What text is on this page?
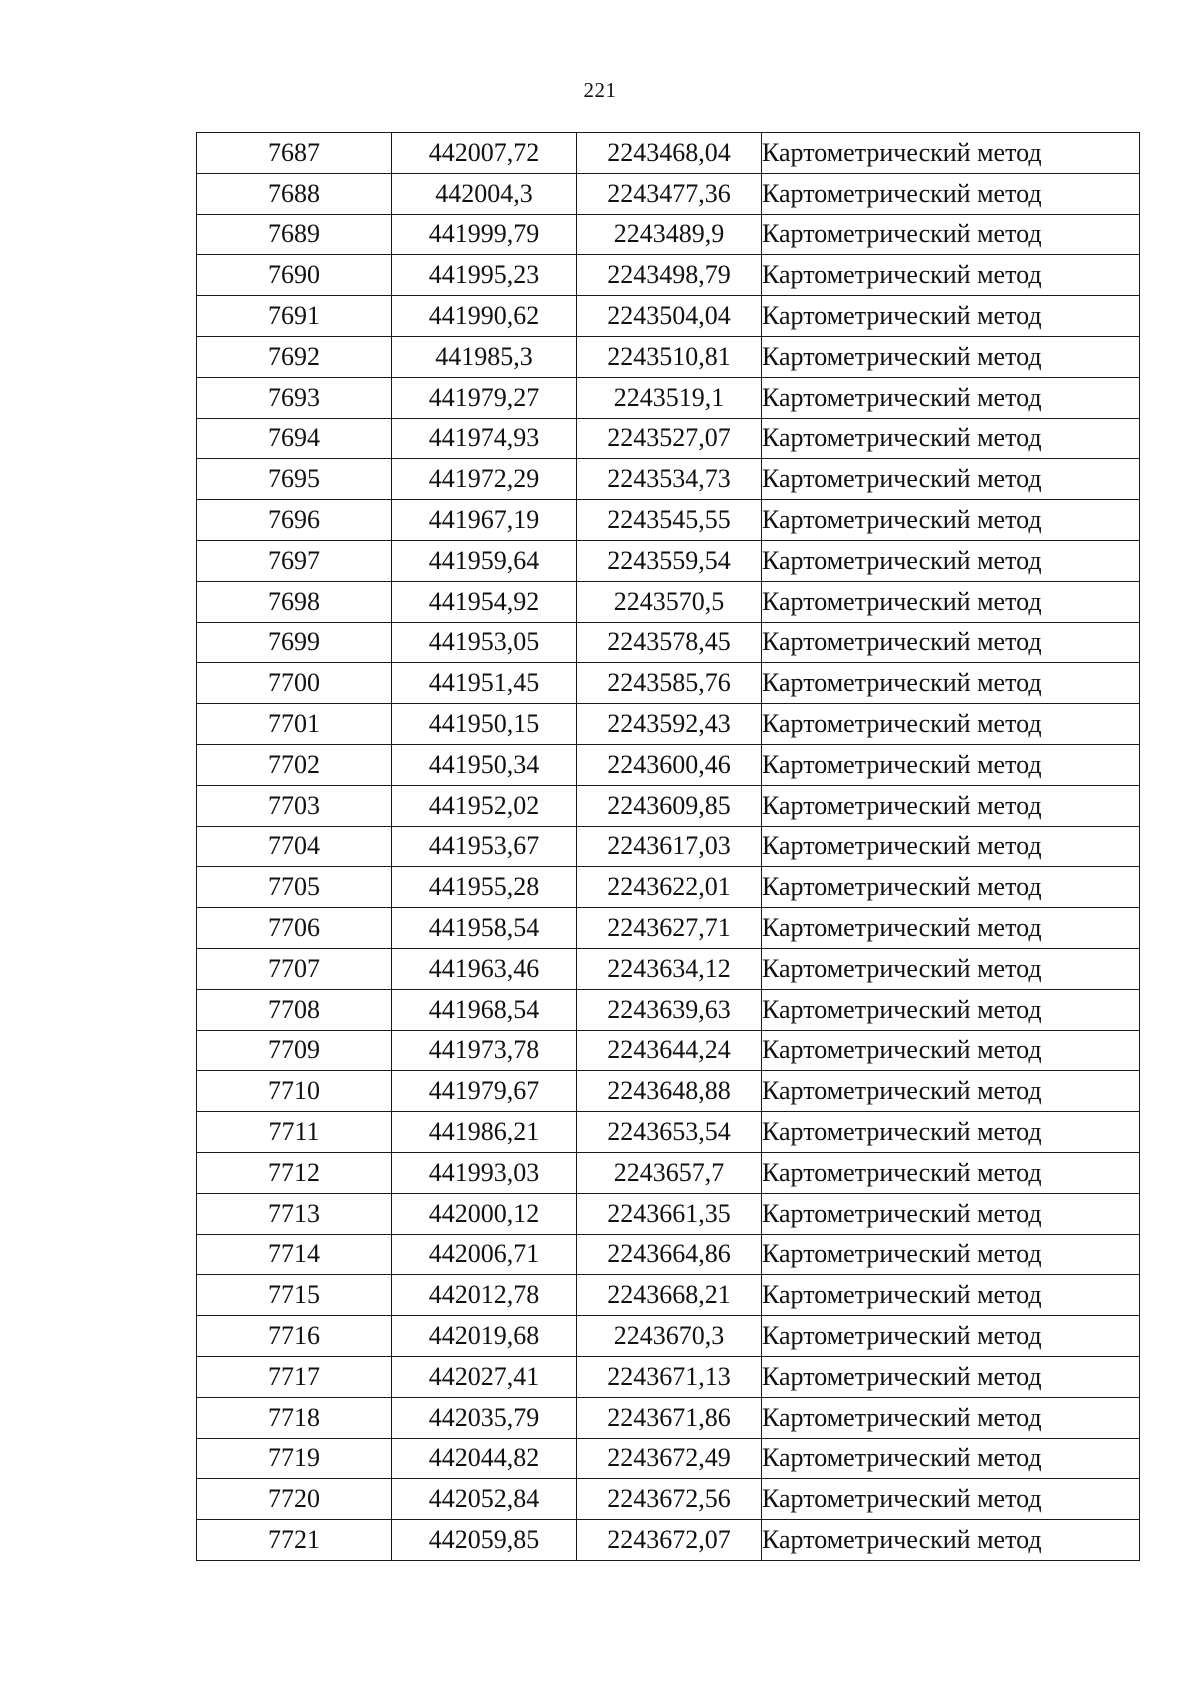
221
7687	442007,72	2243468,04	Картометрический метод
7688	442004,3	2243477,36	Картометрический метод
7689	441999,79	2243489,9	Картометрический метод
7690	441995,23	2243498,79	Картометрический метод
7691	441990,62	2243504,04	Картометрический метод
7692	441985,3	2243510,81	Картометрический метод
7693	441979,27	2243519,1	Картометрический метод
7694	441974,93	2243527,07	Картометрический метод
7695	441972,29	2243534,73	Картометрический метод
7696	441967,19	2243545,55	Картометрический метод
7697	441959,64	2243559,54	Картометрический метод
7698	441954,92	2243570,5	Картометрический метод
7699	441953,05	2243578,45	Картометрический метод
7700	441951,45	2243585,76	Картометрический метод
7701	441950,15	2243592,43	Картометрический метод
7702	441950,34	2243600,46	Картометрический метод
7703	441952,02	2243609,85	Картометрический метод
7704	441953,67	2243617,03	Картометрический метод
7705	441955,28	2243622,01	Картометрический метод
7706	441958,54	2243627,71	Картометрический метод
7707	441963,46	2243634,12	Картометрический метод
7708	441968,54	2243639,63	Картометрический метод
7709	441973,78	2243644,24	Картометрический метод
7710	441979,67	2243648,88	Картометрический метод
7711	441986,21	2243653,54	Картометрический метод
7712	441993,03	2243657,7	Картометрический метод
7713	442000,12	2243661,35	Картометрический метод
7714	442006,71	2243664,86	Картометрический метод
7715	442012,78	2243668,21	Картометрический метод
7716	442019,68	2243670,3	Картометрический метод
7717	442027,41	2243671,13	Картометрический метод
7718	442035,79	2243671,86	Картометрический метод
7719	442044,82	2243672,49	Картометрический метод
7720	442052,84	2243672,56	Картометрический метод
7721	442059,85	2243672,07	Картометрический метод
